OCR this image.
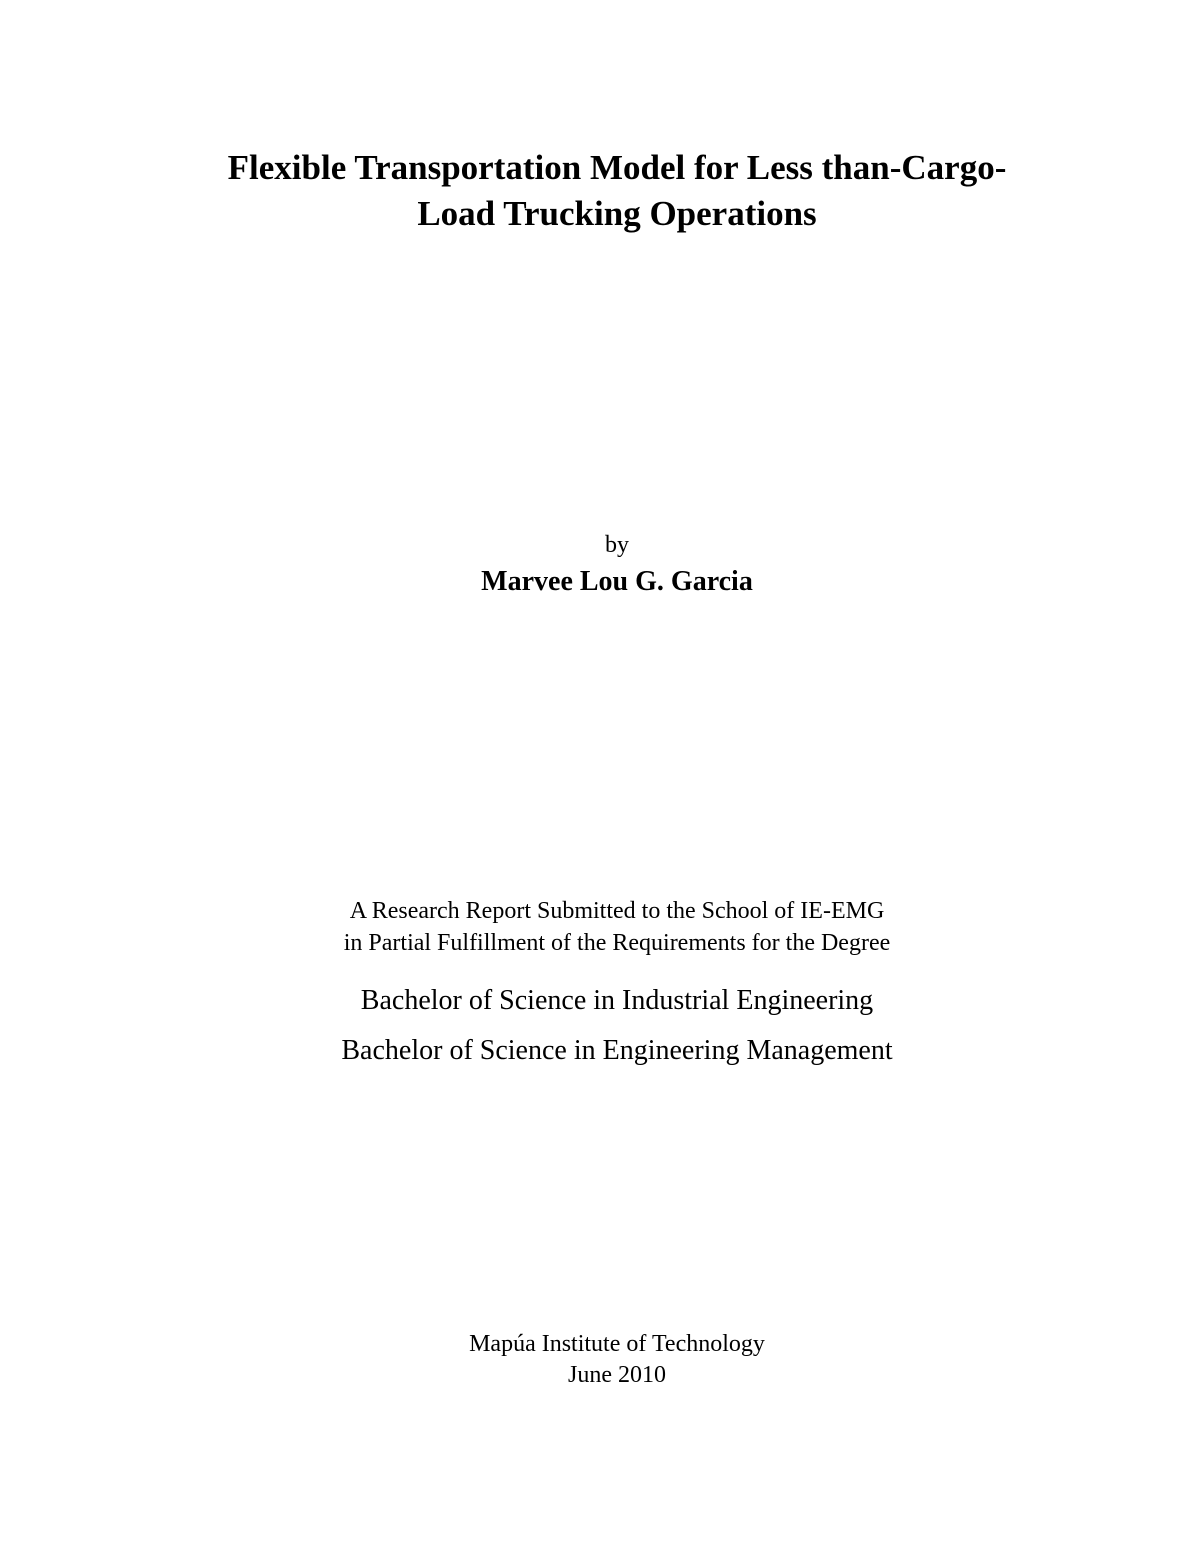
Flexible Transportation Model for Less than-Cargo-
Load Trucking Operations
by
Marvee Lou G. Garcia
A Research Report Submitted to the School of IE-EMG
in Partial Fulfillment of the Requirements for the Degree
Bachelor of Science in Industrial Engineering
Bachelor of Science in Engineering Management
Mapúa Institute of Technology
June 2010
